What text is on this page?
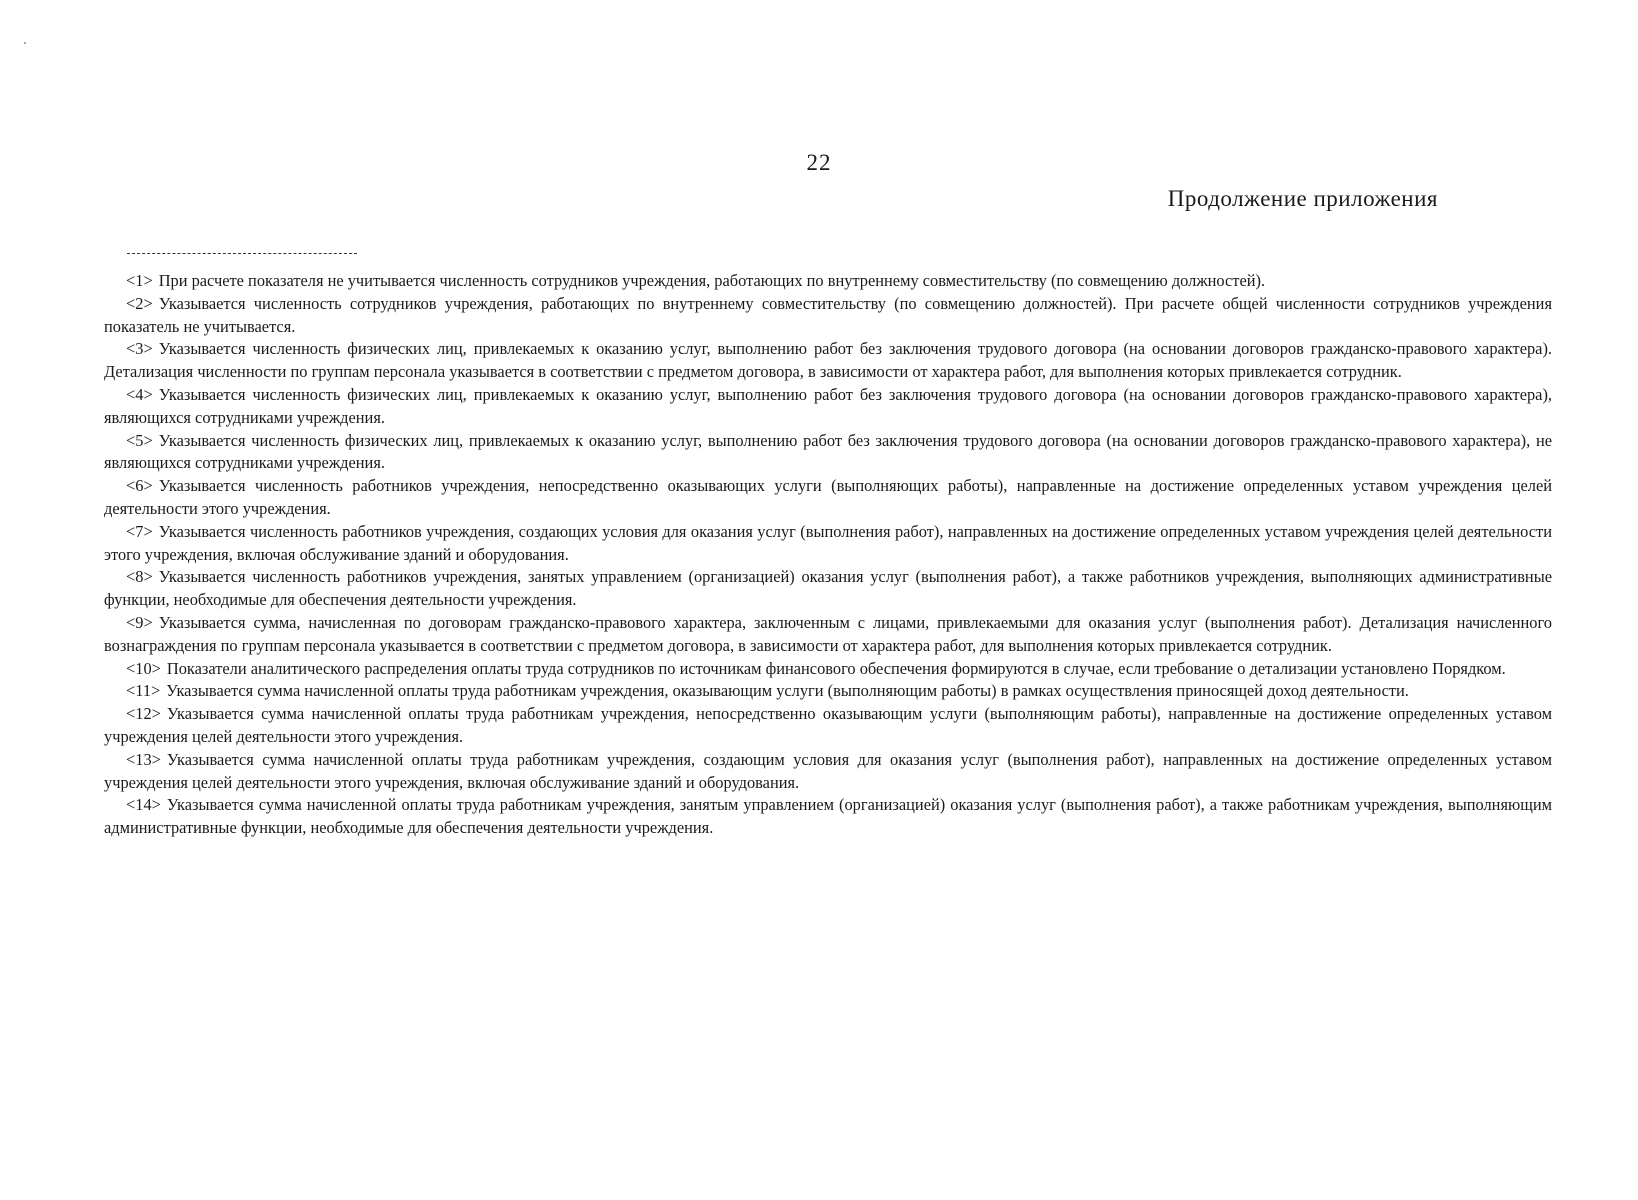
22
Продолжение приложения

<1> При расчете показателя не учитывается численность сотрудников учреждения, работающих по внутреннему совместительству (по совмещению должностей).

<2> Указывается численность сотрудников учреждения, работающих по внутреннему совместительству (по совмещению должностей). При расчете общей численности сотрудников учреждения показатель не учитывается.

<3> Указывается численность физических лиц, привлекаемых к оказанию услуг, выполнению работ без заключения трудового договора (на основании договоров гражданско-правового характера). Детализация численности по группам персонала указывается в соответствии с предметом договора, в зависимости от характера работ, для выполнения которых привлекается сотрудник.

<4> Указывается численность физических лиц, привлекаемых к оказанию услуг, выполнению работ без заключения трудового договора (на основании договоров гражданско-правового характера), являющихся сотрудниками учреждения.

<5> Указывается численность физических лиц, привлекаемых к оказанию услуг, выполнению работ без заключения трудового договора (на основании договоров гражданско-правового характера), не являющихся сотрудниками учреждения.

<6> Указывается численность работников учреждения, непосредственно оказывающих услуги (выполняющих работы), направленные на достижение определенных уставом учреждения целей деятельности этого учреждения.

<7> Указывается численность работников учреждения, создающих условия для оказания услуг (выполнения работ), направленных на достижение определенных уставом учреждения целей деятельности этого учреждения, включая обслуживание зданий и оборудования.

<8> Указывается численность работников учреждения, занятых управлением (организацией) оказания услуг (выполнения работ), а также работников учреждения, выполняющих административные функции, необходимые для обеспечения деятельности учреждения.

<9> Указывается сумма, начисленная по договорам гражданско-правового характера, заключенным с лицами, привлекаемыми для оказания услуг (выполнения работ). Детализация начисленного вознаграждения по группам персонала указывается в соответствии с предметом договора, в зависимости от характера работ, для выполнения которых привлекается сотрудник.

<10> Показатели аналитического распределения оплаты труда сотрудников по источникам финансового обеспечения формируются в случае, если требование о детализации установлено Порядком.

<11> Указывается сумма начисленной оплаты труда работникам учреждения, оказывающим услуги (выполняющим работы) в рамках осуществления приносящей доход деятельности.

<12> Указывается сумма начисленной оплаты труда работникам учреждения, непосредственно оказывающим услуги (выполняющим работы), направленные на достижение определенных уставом учреждения целей деятельности этого учреждения.

<13> Указывается сумма начисленной оплаты труда работникам учреждения, создающим условия для оказания услуг (выполнения работ), направленных на достижение определенных уставом учреждения целей деятельности этого учреждения, включая обслуживание зданий и оборудования.

<14> Указывается сумма начисленной оплаты труда работникам учреждения, занятым управлением (организацией) оказания услуг (выполнения работ), а также работникам учреждения, выполняющим административные функции, необходимые для обеспечения деятельности учреждения.
